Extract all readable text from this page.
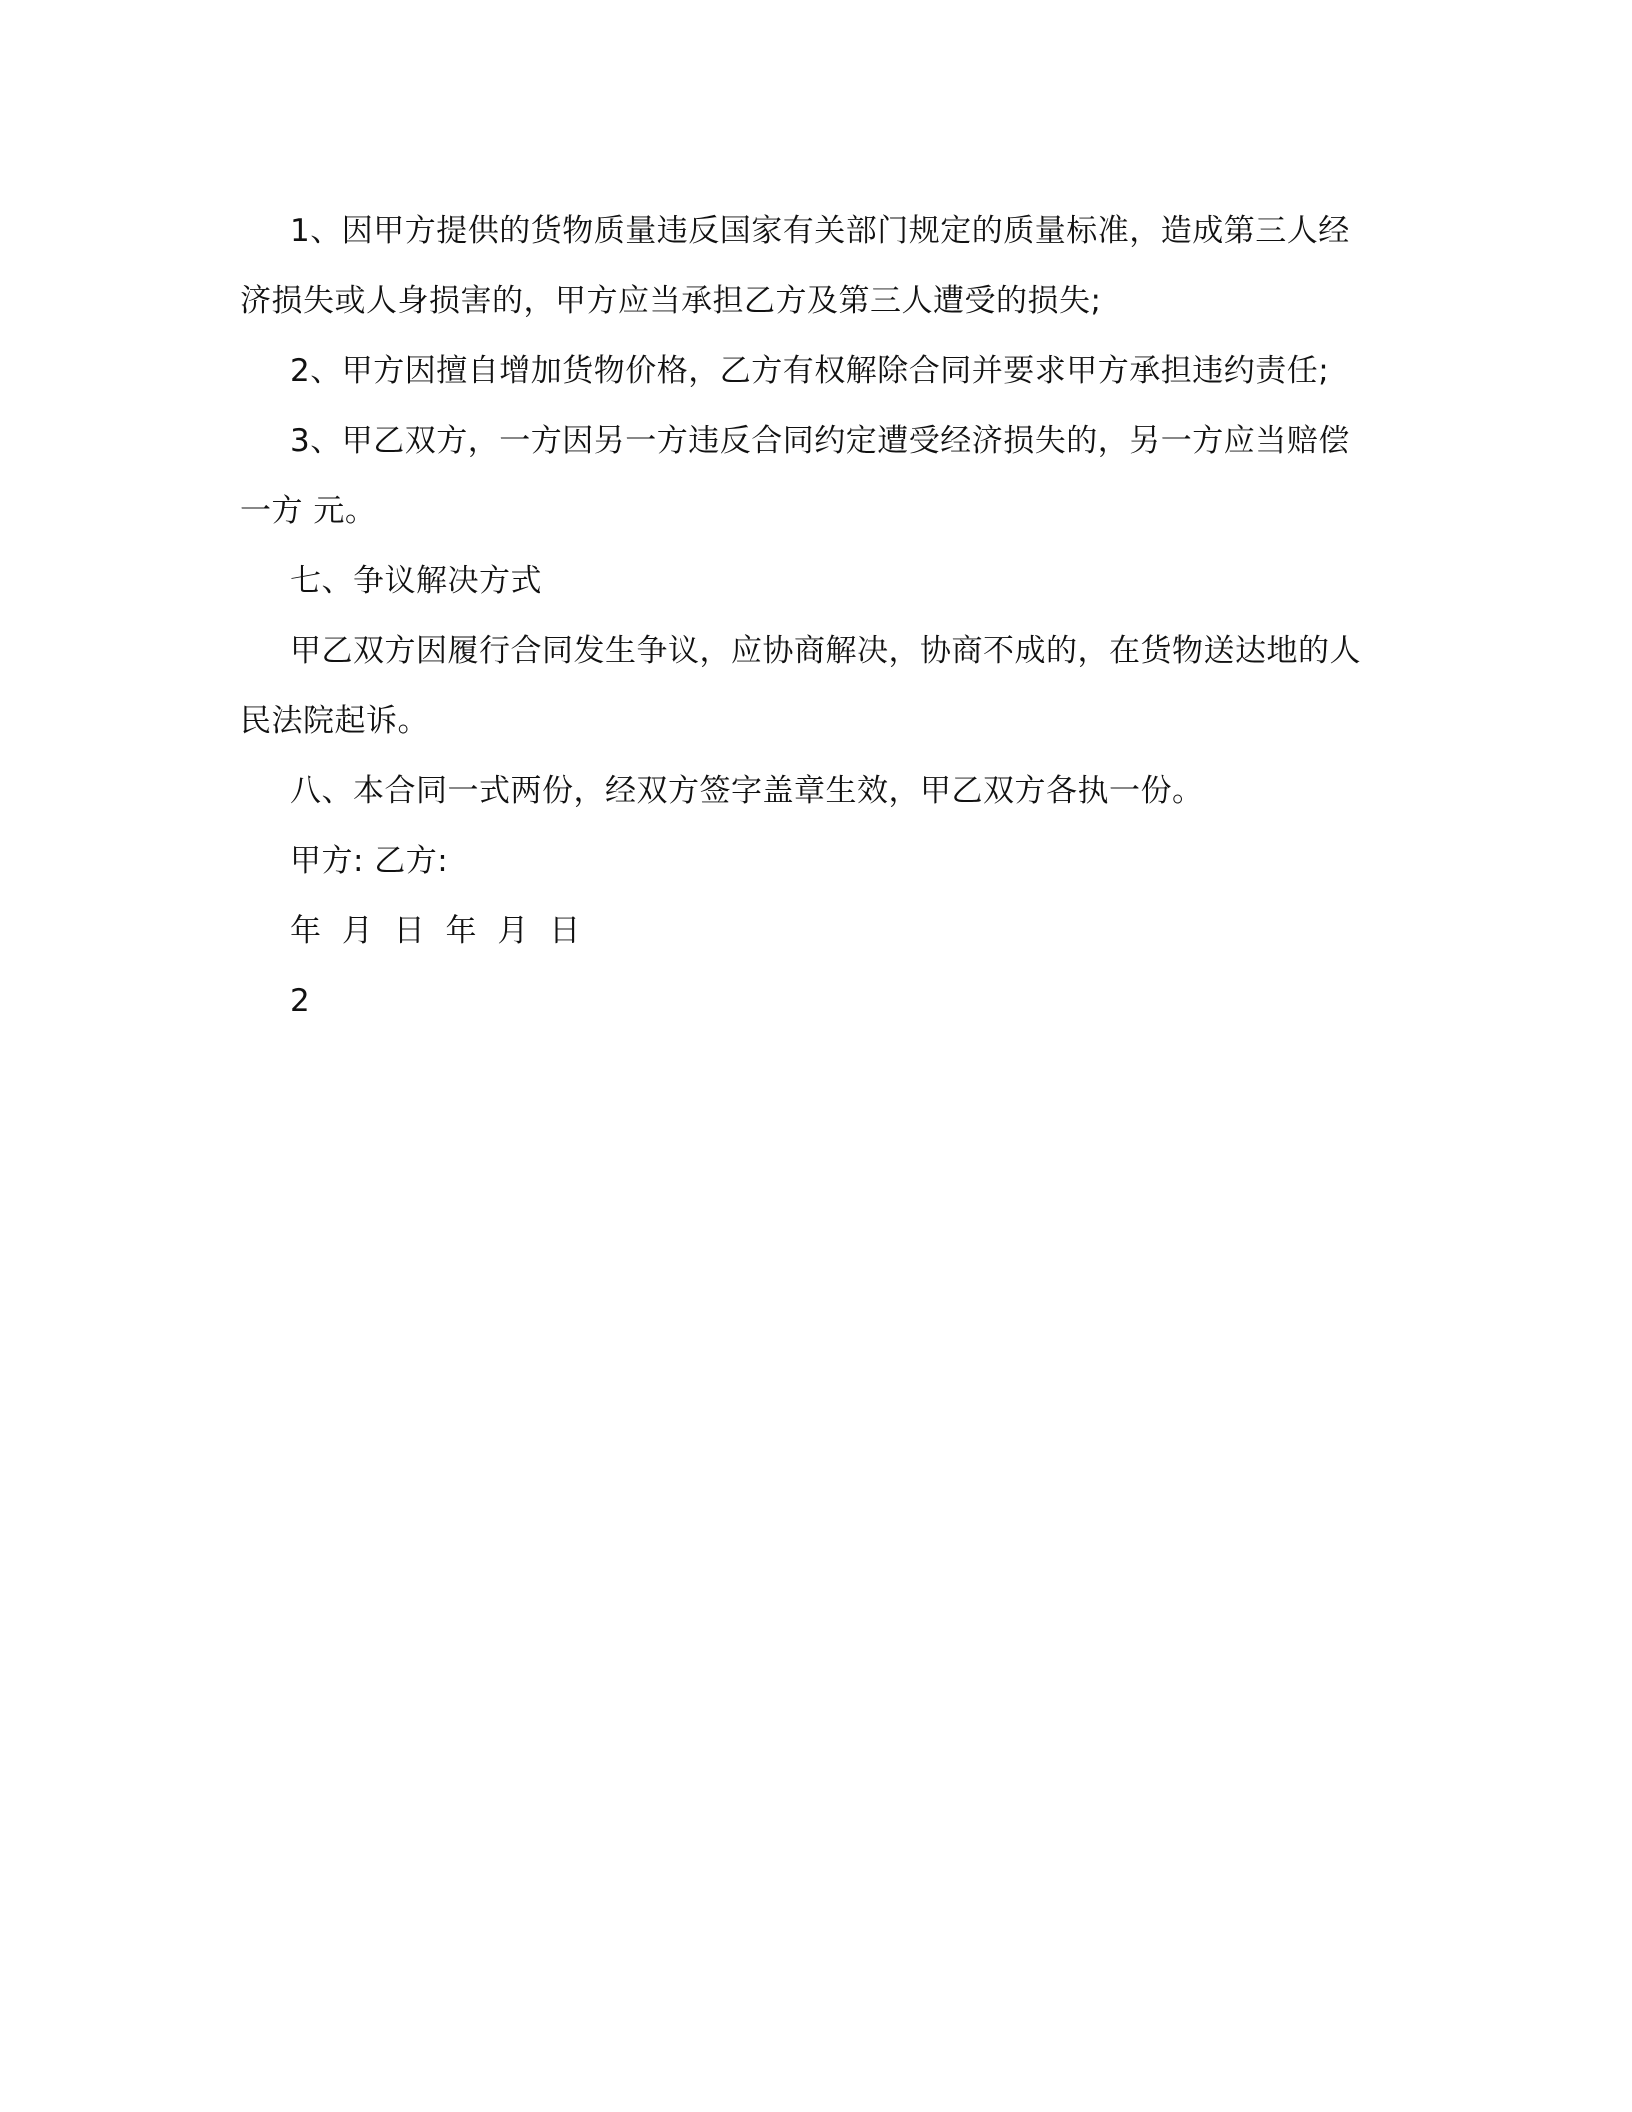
1、因甲方提供的货物质量违反国家有关部门规定的质量标准，造成第三人经济损失或人身损害的，甲方应当承担乙方及第三人遭受的损失;

2、甲方因擅自增加货物价格，乙方有权解除合同并要求甲方承担违约责任;

3、甲乙双方，一方因另一方违反合同约定遭受经济损失的，另一方应当赔偿一方 元。

七、争议解决方式

甲乙双方因履行合同发生争议，应协商解决，协商不成的，在货物送达地的人民法院起诉。

八、本合同一式两份，经双方签字盖章生效，甲乙双方各执一份。

甲方: 乙方:

年 月 日 年 月 日

2
